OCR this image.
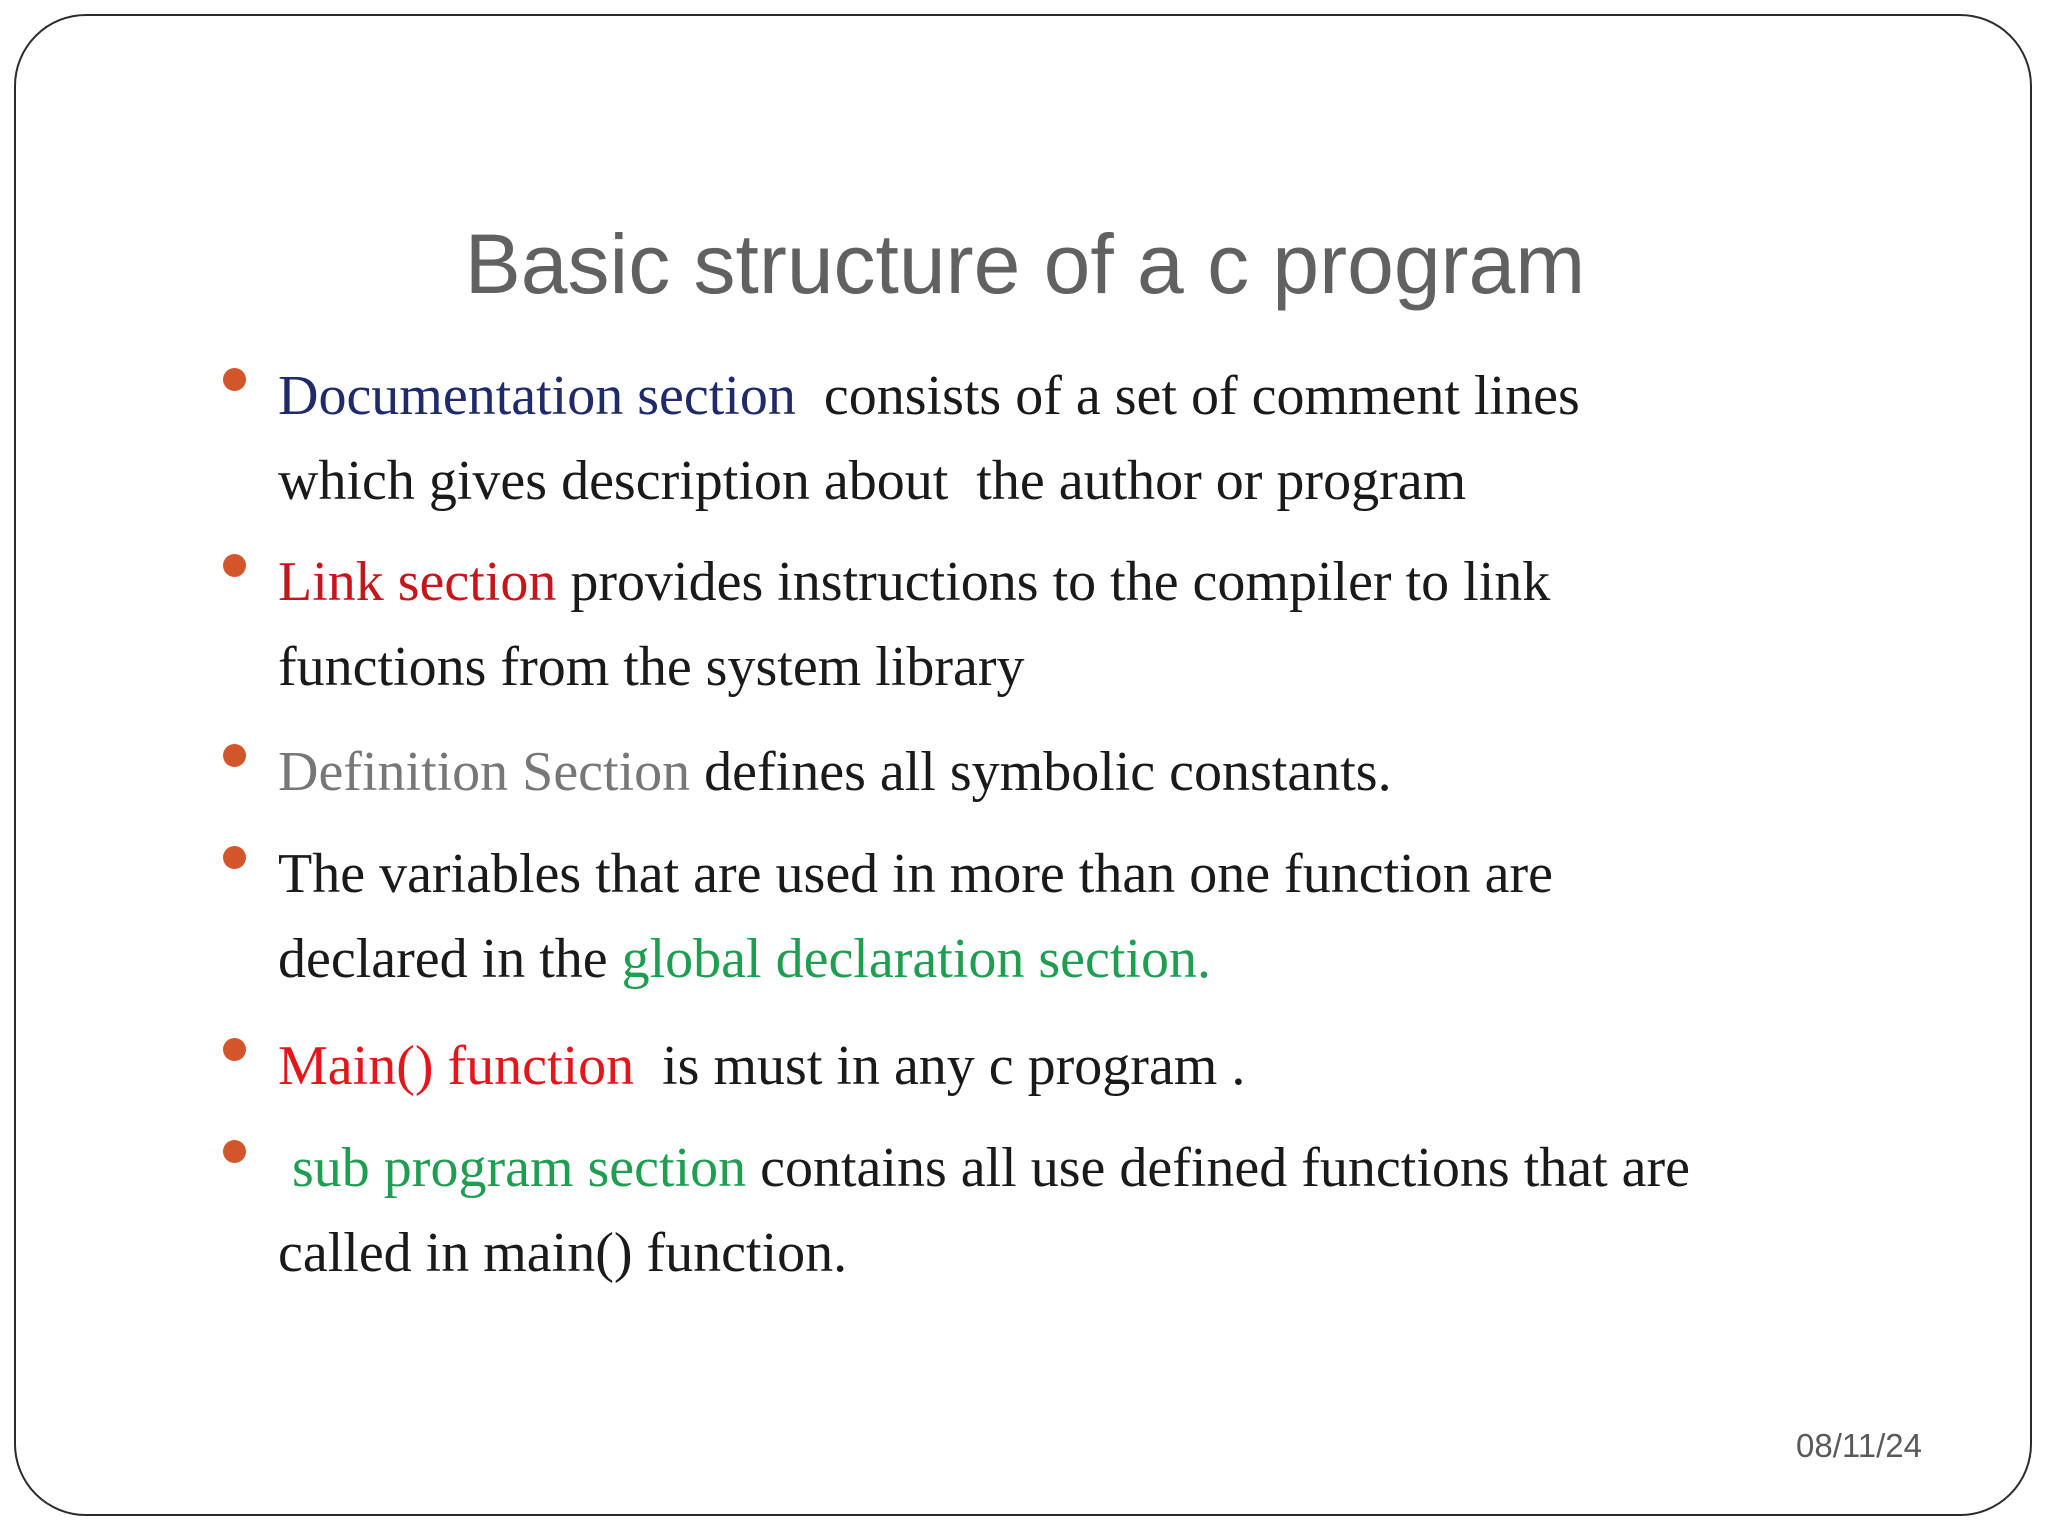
Basic structure of a c program

Documentation section  consists of a set of comment lines
which gives description about  the author or program

Link section provides instructions to the compiler to link
functions from the system library

Definition Section defines all symbolic constants.

The variables that are used in more than one function are
declared in the global declaration section.

Main() function  is must in any c program .

sub program section contains all use defined functions that are
called in main() function.

08/11/24
